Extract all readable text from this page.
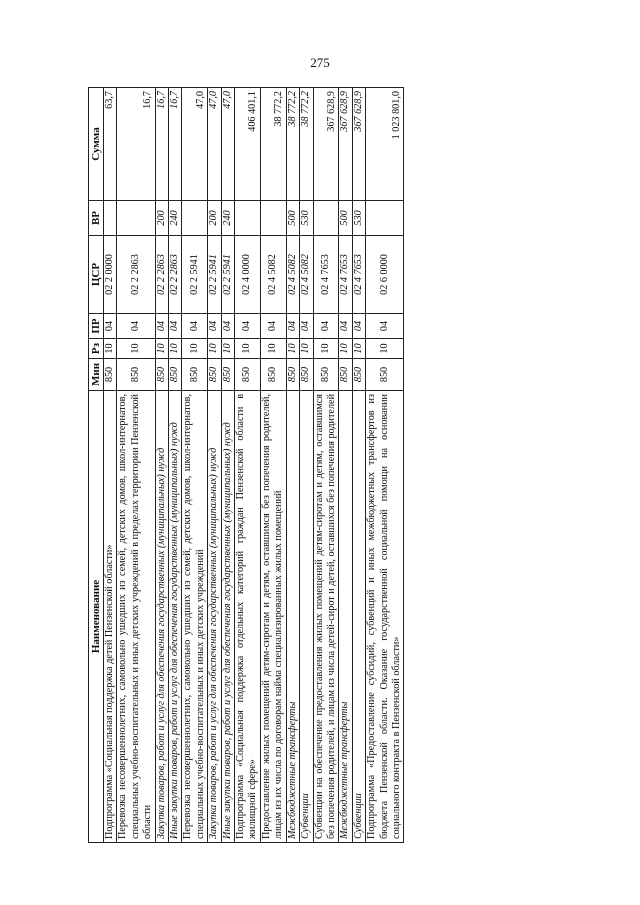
275
Наименование	Мин	Рз	ПР	ЦСР	ВР	Сумма
Подпрограмма «Социальная поддержка детей Пензенской области»	850	10	04	02 2 0000		63,7
Перевозка несовершеннолетних, самовольно ушедших из семей, детских домов, школ-интернатов, специальных учебно-воспитательных и иных детских учреждений в пределах территории Пензенской области	850	10	04	02 2 2863		16,7
Закупка товаров, работ и услуг для обеспечения государственных (муниципальных) нужд	850	10	04	02 2 2863	200	16,7
Иные закупки товаров, работ и услуг для обеспечения государственных (муниципальных) нужд	850	10	04	02 2 2863	240	16,7
Перевозка несовершеннолетних, самовольно ушедших из семей, детских домов, школ-интернатов, специальных учебно-воспитательных и иных детских учреждений	850	10	04	02 2 5941		47,0
Закупка товаров, работ и услуг для обеспечения государственных (муниципальных) нужд	850	10	04	02 2 5941	200	47,0
Иные закупки товаров, работ и услуг для обеспечения государственных (муниципальных) нужд	850	10	04	02 2 5941	240	47,0
Подпрограмма «Социальная поддержка отдельных категорий граждан Пензенской области в жилищной сфере»	850	10	04	02 4 0000		406 401,1
Предоставление жилых помещений детям-сиротам и детям, оставшимся без попечения родителей, лицам из их числа по договорам найма специализированных жилых помещений	850	10	04	02 4 5082		38 772,2
Межбюджетные трансферты	850	10	04	02 4 5082	500	38 772,2
Субвенции	850	10	04	02 4 5082	530	38 772,2
Субвенции на обеспечение предоставления жилых помещений детям-сиротам и детям, оставшимся без попечения родителей, и лицам из числа детей-сирот и детей, оставшихся без попечения родителей	850	10	04	02 4 7653		367 628,9
Межбюджетные трансферты	850	10	04	02 4 7653	500	367 628,9
Субвенции	850	10	04	02 4 7653	530	367 628,9
Подпрограмма «Предоставление субсидий, субвенций и иных межбюджетных трансфертов из бюджета Пензенской области. Оказание государственной социальной помощи на основании социального контракта в Пензенской области»	850	10	04	02 6 0000		1 023 801,0
